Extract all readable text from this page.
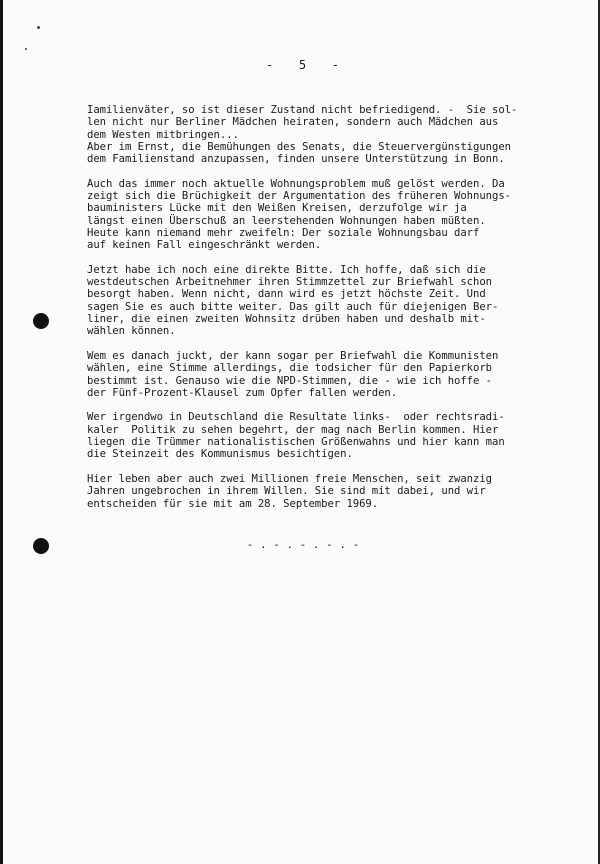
-   5   -

Iamilienväter, so ist dieser Zustand nicht befriedigend. -  Sie sol-
len nicht nur Berliner Mädchen heiraten, sondern auch Mädchen aus
dem Westen mitbringen...

Aber im Ernst, die Bemühungen des Senats, die Steuervergünstigungen
dem Familienstand anzupassen, finden unsere Unterstützung in Bonn.

Auch das immer noch aktuelle Wohnungsproblem muß gelöst werden. Da
zeigt sich die Brüchigkeit der Argumentation des früheren Wohnungs-
bauministers Lücke mit den Weißen Kreisen, derzufolge wir ja
längst einen Überschuß an leerstehenden Wohnungen haben müßten.
Heute kann niemand mehr zweifeln: Der soziale Wohnungsbau darf
auf keinen Fall eingeschränkt werden.

Jetzt habe ich noch eine direkte Bitte. Ich hoffe, daß sich die
westdeutschen Arbeitnehmer ihren Stimmzettel zur Briefwahl schon
besorgt haben. Wenn nicht, dann wird es jetzt höchste Zeit. Und
sagen Sie es auch bitte weiter. Das gilt auch für diejenigen Ber-
liner, die einen zweiten Wohnsitz drüben haben und deshalb mit-
wählen können.

Wem es danach juckt, der kann sogar per Briefwahl die Kommunisten
wählen, eine Stimme allerdings, die todsicher für den Papierkorb
bestimmt ist. Genauso wie die NPD-Stimmen, die - wie ich hoffe -
der Fünf-Prozent-Klausel zum Opfer fallen werden.

Wer irgendwo in Deutschland die Resultate links-  oder rechtsradi-
kaler  Politik zu sehen begehrt, der mag nach Berlin kommen. Hier
liegen die Trümmer nationalistischen Größenwahns und hier kann man
die Steinzeit des Kommunismus besichtigen.

Hier leben aber auch zwei Millionen freie Menschen, seit zwanzig
Jahren ungebrochen in ihrem Willen. Sie sind mit dabei, und wir
entscheiden für sie mit am 28. September 1969.

- . - . - . - . -
